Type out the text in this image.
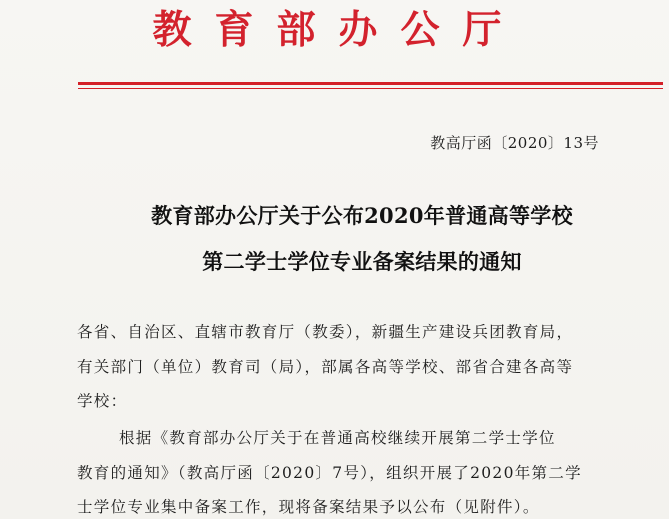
教育部办公厅
教高厅函〔2020〕13号
教育部办公厅关于公布2020年普通高等学校
第二学士学位专业备案结果的通知
各省、自治区、直辖市教育厅（教委），新疆生产建设兵团教育局，
有关部门（单位）教育司（局），部属各高等学校、部省合建各高等
学校：
根据《教育部办公厅关于在普通高校继续开展第二学士学位
教育的通知》（教高厅函〔2020〕7号），组织开展了2020年第二学
士学位专业集中备案工作，现将备案结果予以公布（见附件）。
